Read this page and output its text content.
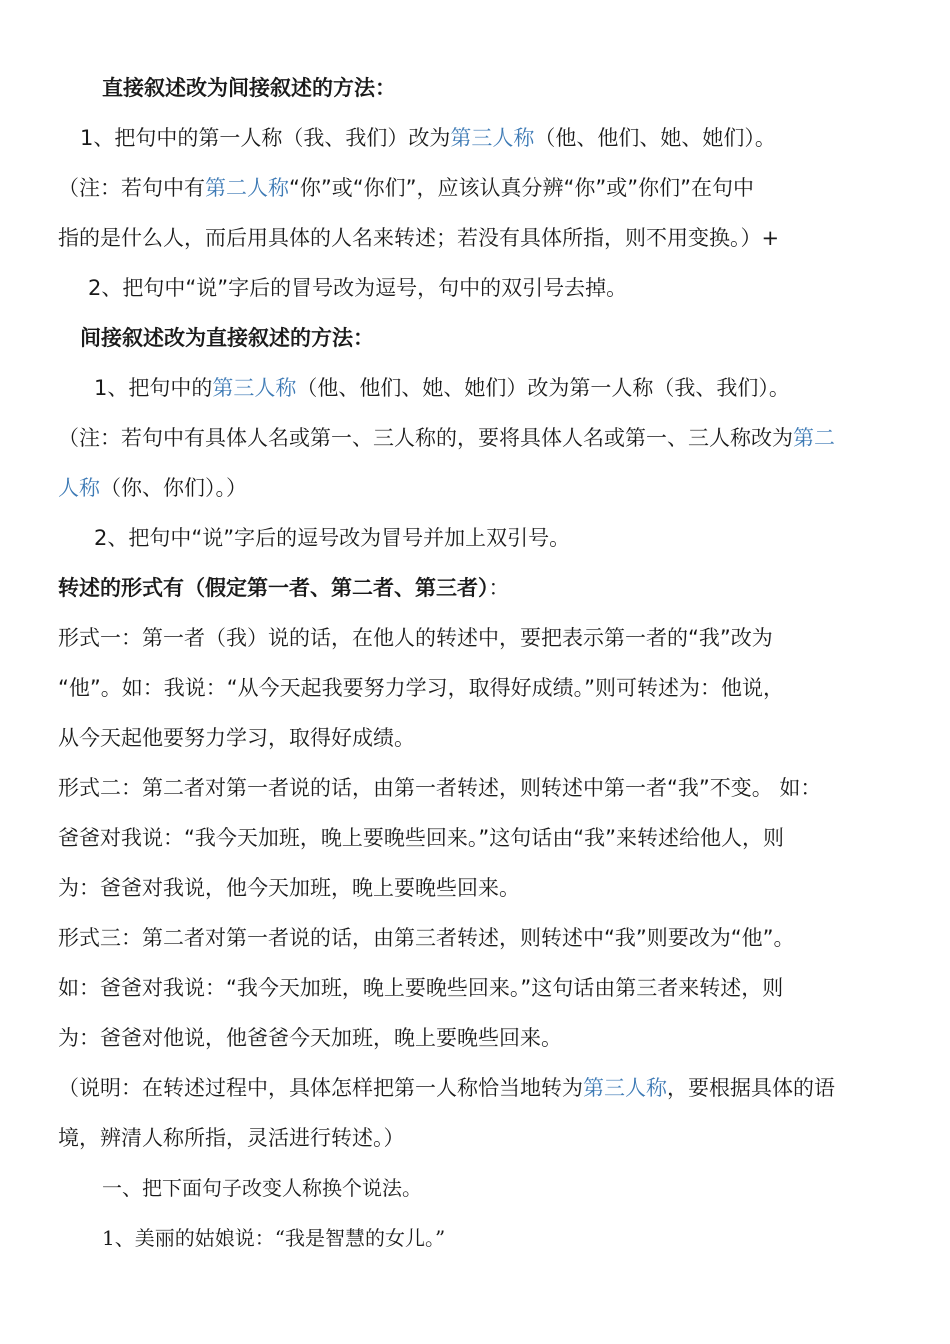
直接叙述改为间接叙述的方法：
1、把句中的第一人称（我、我们）改为第三人称（他、他们、她、她们）。
（注：若句中有第二人称“你”或“你们”，应该认真分辨“你”或”你们”在句中
指的是什么人，而后用具体的人名来转述；若没有具体所指，则不用变换。）+
2、把句中“说”字后的冒号改为逗号，句中的双引号去掉。
间接叙述改为直接叙述的方法：
1、把句中的第三人称（他、他们、她、她们）改为第一人称（我、我们）。
（注：若句中有具体人名或第一、三人称的，要将具体人名或第一、三人称改为第二
人称（你、你们）。）
2、把句中“说”字后的逗号改为冒号并加上双引号。
转述的形式有（假定第一者、第二者、第三者）：
形式一：第一者（我）说的话，在他人的转述中，要把表示第一者的“我”改为
“他”。如：我说：“从今天起我要努力学习，取得好成绩。”则可转述为：他说，
从今天起他要努力学习，取得好成绩。
形式二：第二者对第一者说的话，由第一者转述，则转述中第一者“我”不变。 如：
爸爸对我说：“我今天加班，晚上要晚些回来。”这句话由“我”来转述给他人，则
为：爸爸对我说，他今天加班，晚上要晚些回来。
形式三：第二者对第一者说的话，由第三者转述，则转述中“我”则要改为“他”。
如：爸爸对我说：“我今天加班，晚上要晚些回来。”这句话由第三者来转述，则
为：爸爸对他说，他爸爸今天加班，晚上要晚些回来。
（说明：在转述过程中，具体怎样把第一人称恰当地转为第三人称，要根据具体的语
境，辨清人称所指，灵活进行转述。）
一、把下面句子改变人称换个说法。
1、美丽的姑娘说：“我是智慧的女儿。”
